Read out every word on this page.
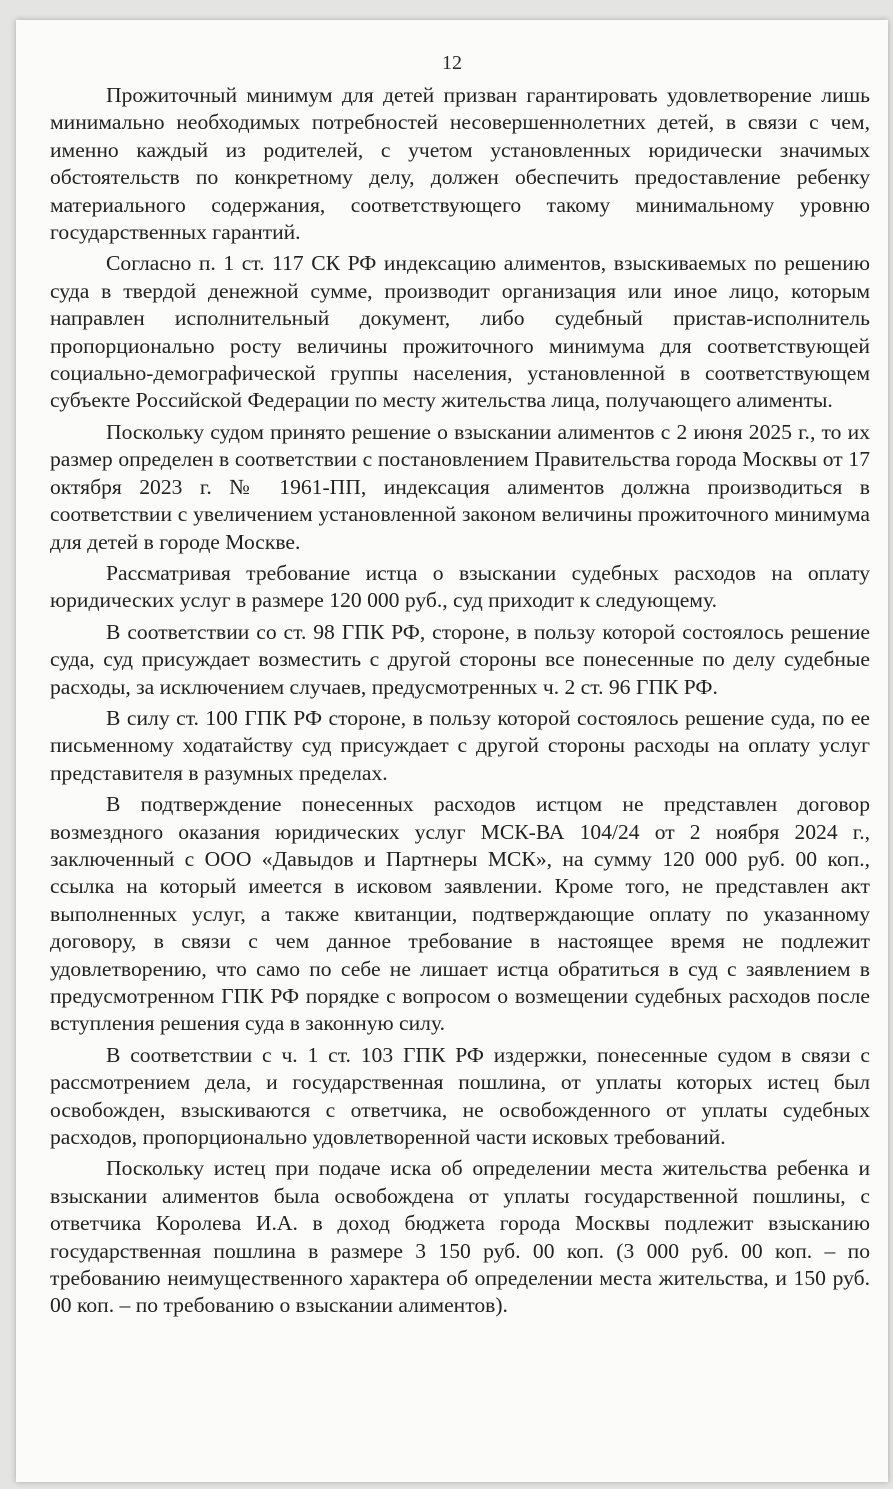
12

Прожиточный минимум для детей призван гарантировать удовлетворение лишь минимально необходимых потребностей несовершеннолетних детей, в связи с чем, именно каждый из родителей, с учетом установленных юридически значимых обстоятельств по конкретному делу, должен обеспечить предоставление ребенку материального содержания, соответствующего такому минимальному уровню государственных гарантий.

Согласно п. 1 ст. 117 СК РФ индексацию алиментов, взыскиваемых по решению суда в твердой денежной сумме, производит организация или иное лицо, которым направлен исполнительный документ, либо судебный пристав-исполнитель пропорционально росту величины прожиточного минимума для соответствующей социально-демографической группы населения, установленной в соответствующем субъекте Российской Федерации по месту жительства лица, получающего алименты.

Поскольку судом принято решение о взыскании алиментов с 2 июня 2025 г., то их размер определен в соответствии с постановлением Правительства города Москвы от 17 октября 2023 г. № 1961-ПП, индексация алиментов должна производиться в соответствии с увеличением установленной законом величины прожиточного минимума для детей в городе Москве.

Рассматривая требование истца о взыскании судебных расходов на оплату юридических услуг в размере 120 000 руб., суд приходит к следующему.

В соответствии со ст. 98 ГПК РФ, стороне, в пользу которой состоялось решение суда, суд присуждает возместить с другой стороны все понесенные по делу судебные расходы, за исключением случаев, предусмотренных ч. 2 ст. 96 ГПК РФ.

В силу ст. 100 ГПК РФ стороне, в пользу которой состоялось решение суда, по ее письменному ходатайству суд присуждает с другой стороны расходы на оплату услуг представителя в разумных пределах.

В подтверждение понесенных расходов истцом не представлен договор возмездного оказания юридических услуг МСК-ВА 104/24 от 2 ноября 2024 г., заключенный с ООО «Давыдов и Партнеры МСК», на сумму 120 000 руб. 00 коп., ссылка на который имеется в исковом заявлении. Кроме того, не представлен акт выполненных услуг, а также квитанции, подтверждающие оплату по указанному договору, в связи с чем данное требование в настоящее время не подлежит удовлетворению, что само по себе не лишает истца обратиться в суд с заявлением в предусмотренном ГПК РФ порядке с вопросом о возмещении судебных расходов после вступления решения суда в законную силу.

В соответствии с ч. 1 ст. 103 ГПК РФ издержки, понесенные судом в связи с рассмотрением дела, и государственная пошлина, от уплаты которых истец был освобожден, взыскиваются с ответчика, не освобожденного от уплаты судебных расходов, пропорционально удовлетворенной части исковых требований.

Поскольку истец при подаче иска об определении места жительства ребенка и взыскании алиментов была освобождена от уплаты государственной пошлины, с ответчика Королева И.А. в доход бюджета города Москвы подлежит взысканию государственная пошлина в размере 3 150 руб. 00 коп. (3 000 руб. 00 коп. – по требованию неимущественного характера об определении места жительства, и 150 руб. 00 коп. – по требованию о взыскании алиментов).
